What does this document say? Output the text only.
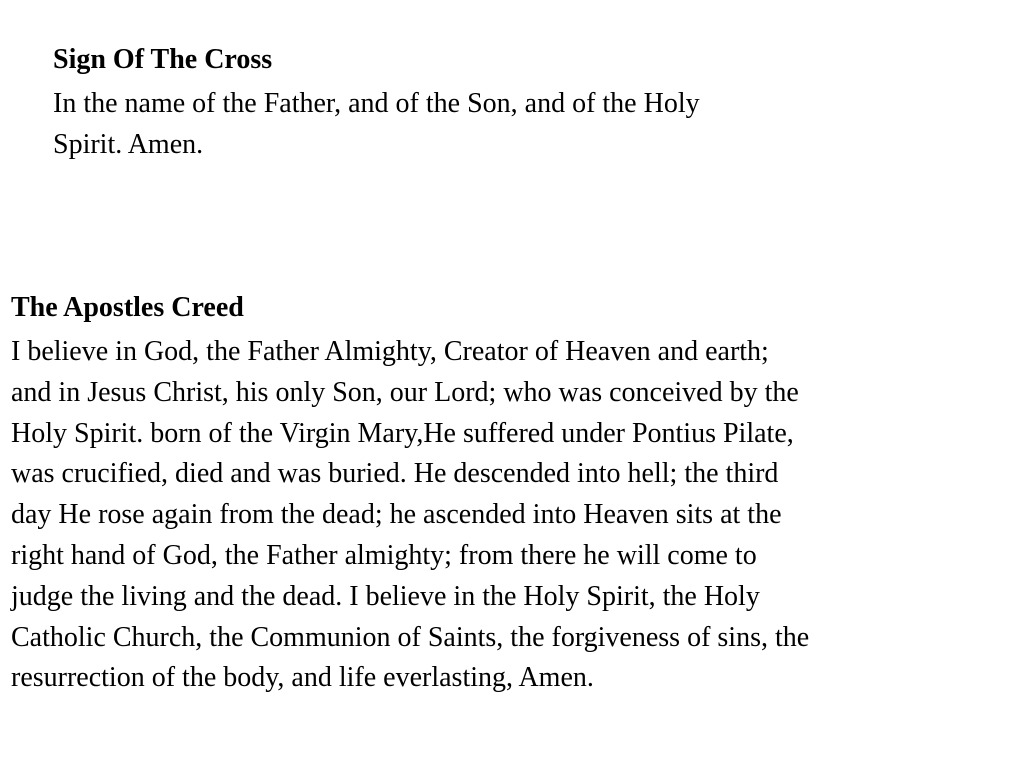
Sign Of The Cross
In the name of the Father, and of the Son, and of the Holy
Spirit. Amen.
The Apostles Creed
I believe in God, the Father Almighty, Creator of Heaven and earth;
and in Jesus Christ, his only Son, our Lord; who was conceived by the
Holy Spirit. born of the Virgin Mary,He suffered under Pontius Pilate,
was crucified, died and was buried. He descended into hell; the third
day He rose again from the dead; he ascended into Heaven sits at the
right hand of God, the Father almighty; from there he will come to
judge the living and the dead. I believe in the Holy Spirit, the Holy
Catholic Church, the Communion of Saints, the forgiveness of sins, the
resurrection of the body, and life everlasting, Amen.
